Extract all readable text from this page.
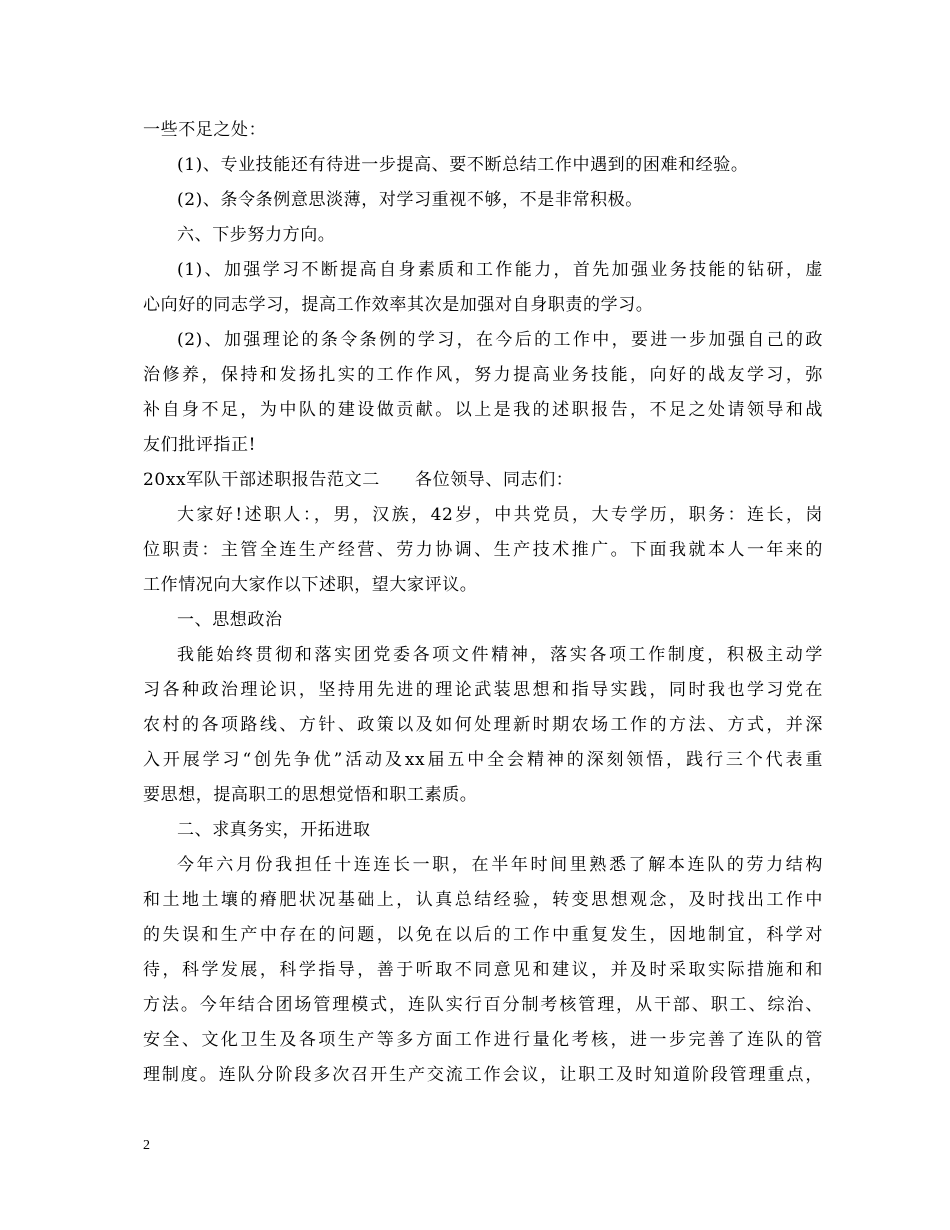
一些不足之处：
(1)、专业技能还有待进一步提高、要不断总结工作中遇到的困难和经验。
(2)、条令条例意思淡薄，对学习重视不够，不是非常积极。
六、下步努力方向。
(1)、加强学习不断提高自身素质和工作能力，首先加强业务技能的钻研，虚
心向好的同志学习，提高工作效率其次是加强对自身职责的学习。
(2)、加强理论的条令条例的学习，在今后的工作中，要进一步加强自己的政
治修养，保持和发扬扎实的工作作风，努力提高业务技能，向好的战友学习，弥
补自身不足，为中队的建设做贡献。以上是我的述职报告，不足之处请领导和战
友们批评指正!
20xx军队干部述职报告范文二　　各位领导、同志们：
大家好!述职人：，男，汉族，42岁，中共党员，大专学历，职务：连长，岗
位职责：主管全连生产经营、劳力协调、生产技术推广。下面我就本人一年来的
工作情况向大家作以下述职，望大家评议。
一、思想政治
我能始终贯彻和落实团党委各项文件精神，落实各项工作制度，积极主动学
习各种政治理论识，坚持用先进的理论武装思想和指导实践，同时我也学习党在
农村的各项路线、方针、政策以及如何处理新时期农场工作的方法、方式，并深
入开展学习“创先争优”活动及xx届五中全会精神的深刻领悟，践行三个代表重
要思想，提高职工的思想觉悟和职工素质。
二、求真务实，开拓进取
今年六月份我担任十连连长一职，在半年时间里熟悉了解本连队的劳力结构
和土地土壤的瘠肥状况基础上，认真总结经验，转变思想观念，及时找出工作中
的失误和生产中存在的问题，以免在以后的工作中重复发生，因地制宜，科学对
待，科学发展，科学指导，善于听取不同意见和建议，并及时采取实际措施和和
方法。今年结合团场管理模式，连队实行百分制考核管理，从干部、职工、综治、
安全、文化卫生及各项生产等多方面工作进行量化考核，进一步完善了连队的管
理制度。连队分阶段多次召开生产交流工作会议，让职工及时知道阶段管理重点，
2
